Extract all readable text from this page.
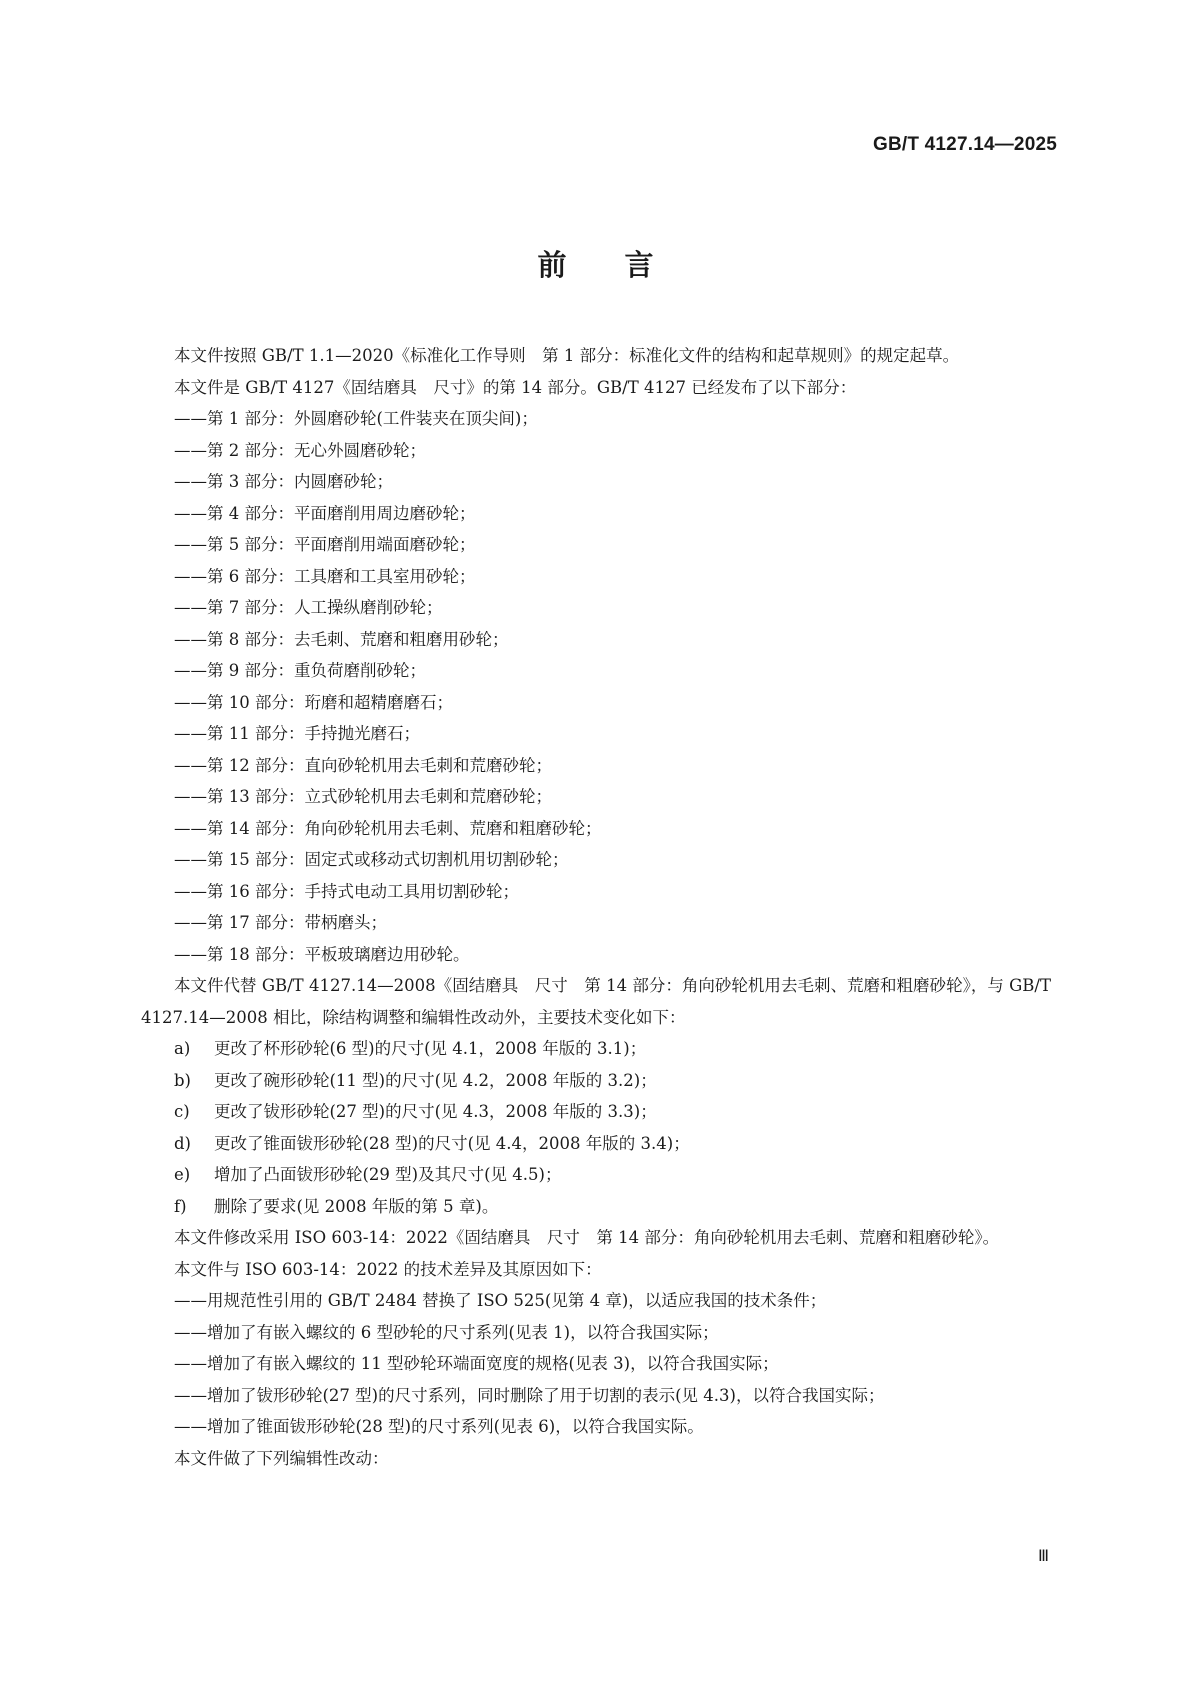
GB/T 4127.14—2025
前言

本文件按照 GB/T 1.1—2020《标准化工作导则　第 1 部分：标准化文件的结构和起草规则》的规定起草。

本文件是 GB/T 4127《固结磨具　尺寸》的第 14 部分。GB/T 4127 已经发布了以下部分：

——第 1 部分：外圆磨砂轮(工件装夹在顶尖间)；

——第 2 部分：无心外圆磨砂轮；

——第 3 部分：内圆磨砂轮；

——第 4 部分：平面磨削用周边磨砂轮；

——第 5 部分：平面磨削用端面磨砂轮；

——第 6 部分：工具磨和工具室用砂轮；

——第 7 部分：人工操纵磨削砂轮；

——第 8 部分：去毛刺、荒磨和粗磨用砂轮；

——第 9 部分：重负荷磨削砂轮；

——第 10 部分：珩磨和超精磨磨石；

——第 11 部分：手持抛光磨石；

——第 12 部分：直向砂轮机用去毛刺和荒磨砂轮；

——第 13 部分：立式砂轮机用去毛刺和荒磨砂轮；

——第 14 部分：角向砂轮机用去毛刺、荒磨和粗磨砂轮；

——第 15 部分：固定式或移动式切割机用切割砂轮；

——第 16 部分：手持式电动工具用切割砂轮；

——第 17 部分：带柄磨头；

——第 18 部分：平板玻璃磨边用砂轮。

本文件代替 GB/T 4127.14—2008《固结磨具　尺寸　第 14 部分：角向砂轮机用去毛刺、荒磨和粗磨砂轮》，与 GB/T 4127.14—2008 相比，除结构调整和编辑性改动外，主要技术变化如下：

a) 更改了杯形砂轮(6 型)的尺寸(见 4.1，2008 年版的 3.1)；

b) 更改了碗形砂轮(11 型)的尺寸(见 4.2，2008 年版的 3.2)；

c) 更改了钹形砂轮(27 型)的尺寸(见 4.3，2008 年版的 3.3)；

d) 更改了锥面钹形砂轮(28 型)的尺寸(见 4.4，2008 年版的 3.4)；

e) 增加了凸面钹形砂轮(29 型)及其尺寸(见 4.5)；

f) 删除了要求(见 2008 年版的第 5 章)。

本文件修改采用 ISO 603-14：2022《固结磨具　尺寸　第 14 部分：角向砂轮机用去毛刺、荒磨和粗磨砂轮》。

本文件与 ISO 603-14：2022 的技术差异及其原因如下：

——用规范性引用的 GB/T 2484 替换了 ISO 525(见第 4 章)，以适应我国的技术条件；

——增加了有嵌入螺纹的 6 型砂轮的尺寸系列(见表 1)，以符合我国实际；

——增加了有嵌入螺纹的 11 型砂轮环端面宽度的规格(见表 3)，以符合我国实际；

——增加了钹形砂轮(27 型)的尺寸系列，同时删除了用于切割的表示(见 4.3)，以符合我国实际；

——增加了锥面钹形砂轮(28 型)的尺寸系列(见表 6)，以符合我国实际。

本文件做了下列编辑性改动：

Ⅲ
